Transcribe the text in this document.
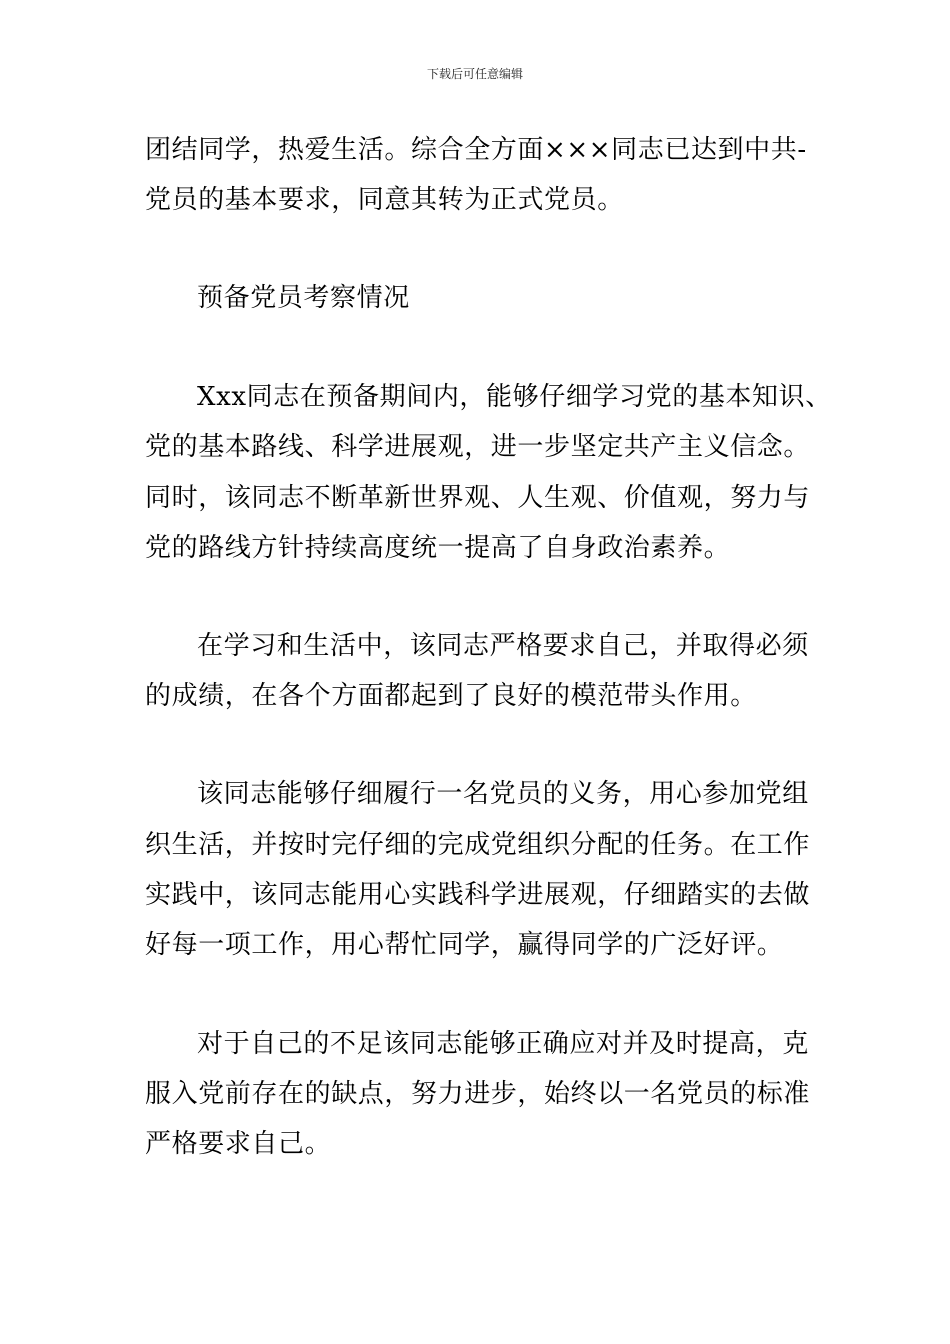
下载后可任意编辑
团结同学，热爱生活。综合全方面×××同志已达到中共-
党员的基本要求，同意其转为正式党员。
预备党员考察情况
Xxx同志在预备期间内，能够仔细学习党的基本知识、
党的基本路线、科学进展观，进一步坚定共产主义信念。
同时，该同志不断革新世界观、人生观、价值观，努力与
党的路线方针持续高度统一提高了自身政治素养。
在学习和生活中，该同志严格要求自己，并取得必须
的成绩，在各个方面都起到了良好的模范带头作用。
该同志能够仔细履行一名党员的义务，用心参加党组
织生活，并按时完仔细的完成党组织分配的任务。在工作
实践中，该同志能用心实践科学进展观，仔细踏实的去做
好每一项工作，用心帮忙同学，赢得同学的广泛好评。
对于自己的不足该同志能够正确应对并及时提高，克
服入党前存在的缺点，努力进步，始终以一名党员的标准
严格要求自己。
